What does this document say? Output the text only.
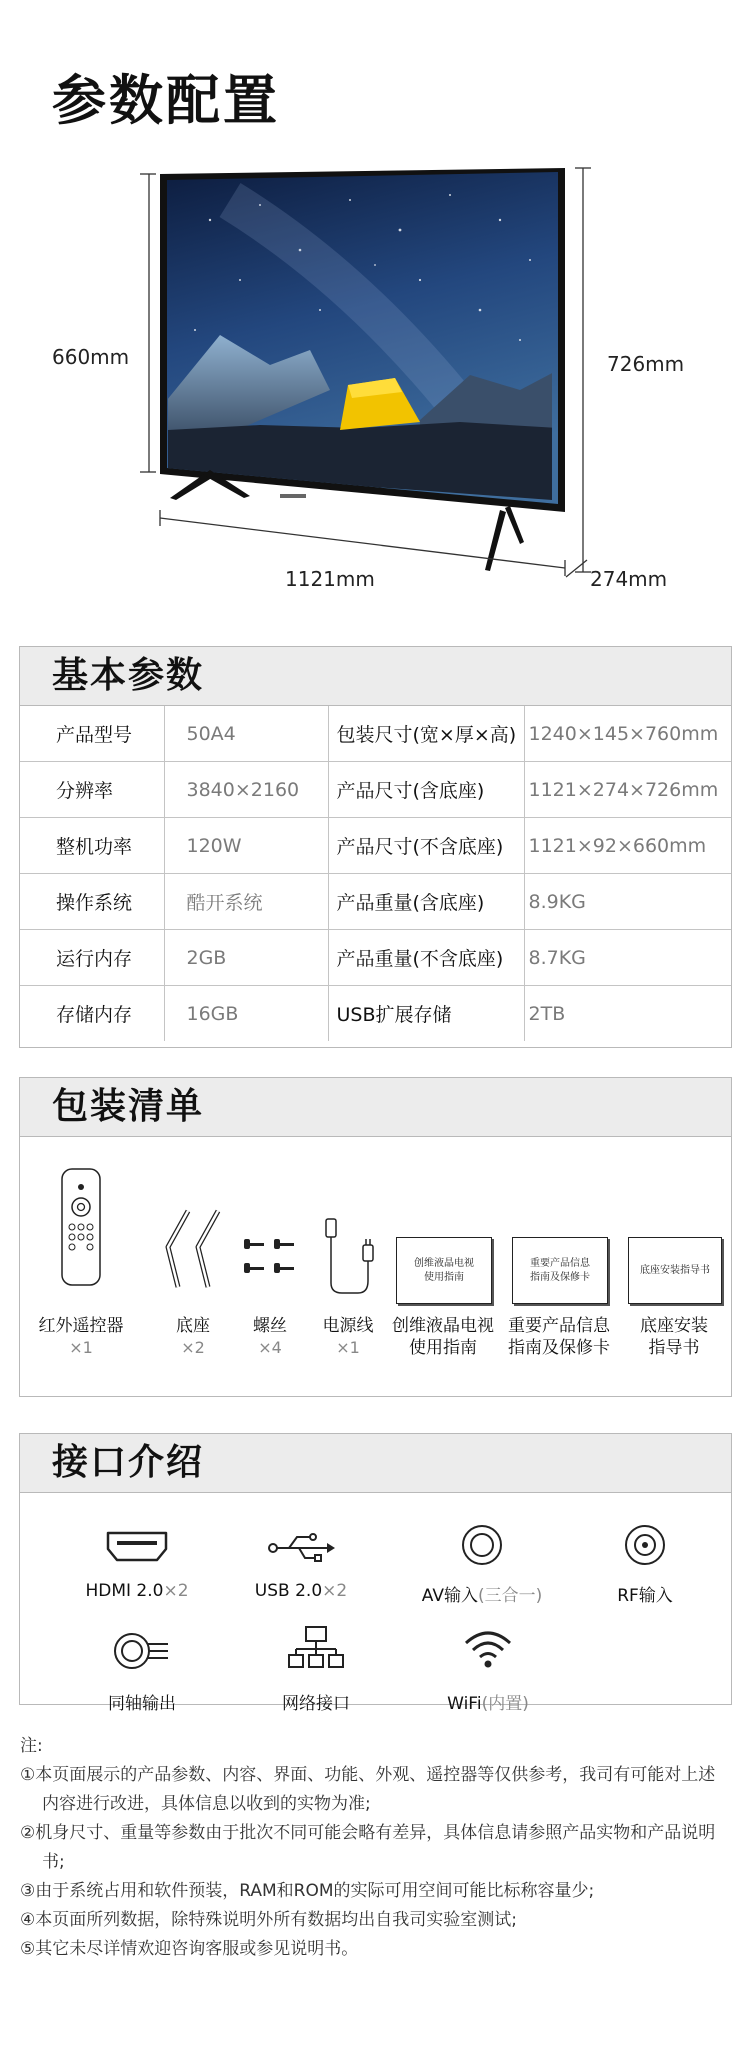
参数配置
660mm	726mm
1121mm	274mm
基本参数
产品型号	50A4	包装尺寸(宽×厚×高)	1240×145×760mm
分辨率	3840×2160	产品尺寸(含底座)	1121×274×726mm
整机功率	120W	产品尺寸(不含底座)	1121×92×660mm
操作系统	酷开系统	产品重量(含底座)	8.9KG
运行内存	2GB	产品重量(不含底座)	8.7KG
存储内存	16GB	USB扩展存储	2TB
包装清单
创维液晶电视
使用指南
重要产品信息
指南及保修卡
底座安装指导书
红外遥控器
×1
底座
×2
螺丝
×4
电源线
×1
创维液晶电视
使用指南
重要产品信息
指南及保修卡
底座安装
指导书
接口介绍
HDMI 2.0×2	USB 2.0×2	AV输入(三合一)	RF输入
同轴输出	网络接口	WiFi(内置)
注:
①本页面展示的产品参数、内容、界面、功能、外观、遥控器等仅供参考，我司有可能对上述内容进行改进，具体信息以收到的实物为准;
②机身尺寸、重量等参数由于批次不同可能会略有差异，具体信息请参照产品实物和产品说明书;
③由于系统占用和软件预装，RAM和ROM的实际可用空间可能比标称容量少;
④本页面所列数据，除特殊说明外所有数据均出自我司实验室测试;
⑤其它未尽详情欢迎咨询客服或参见说明书。
